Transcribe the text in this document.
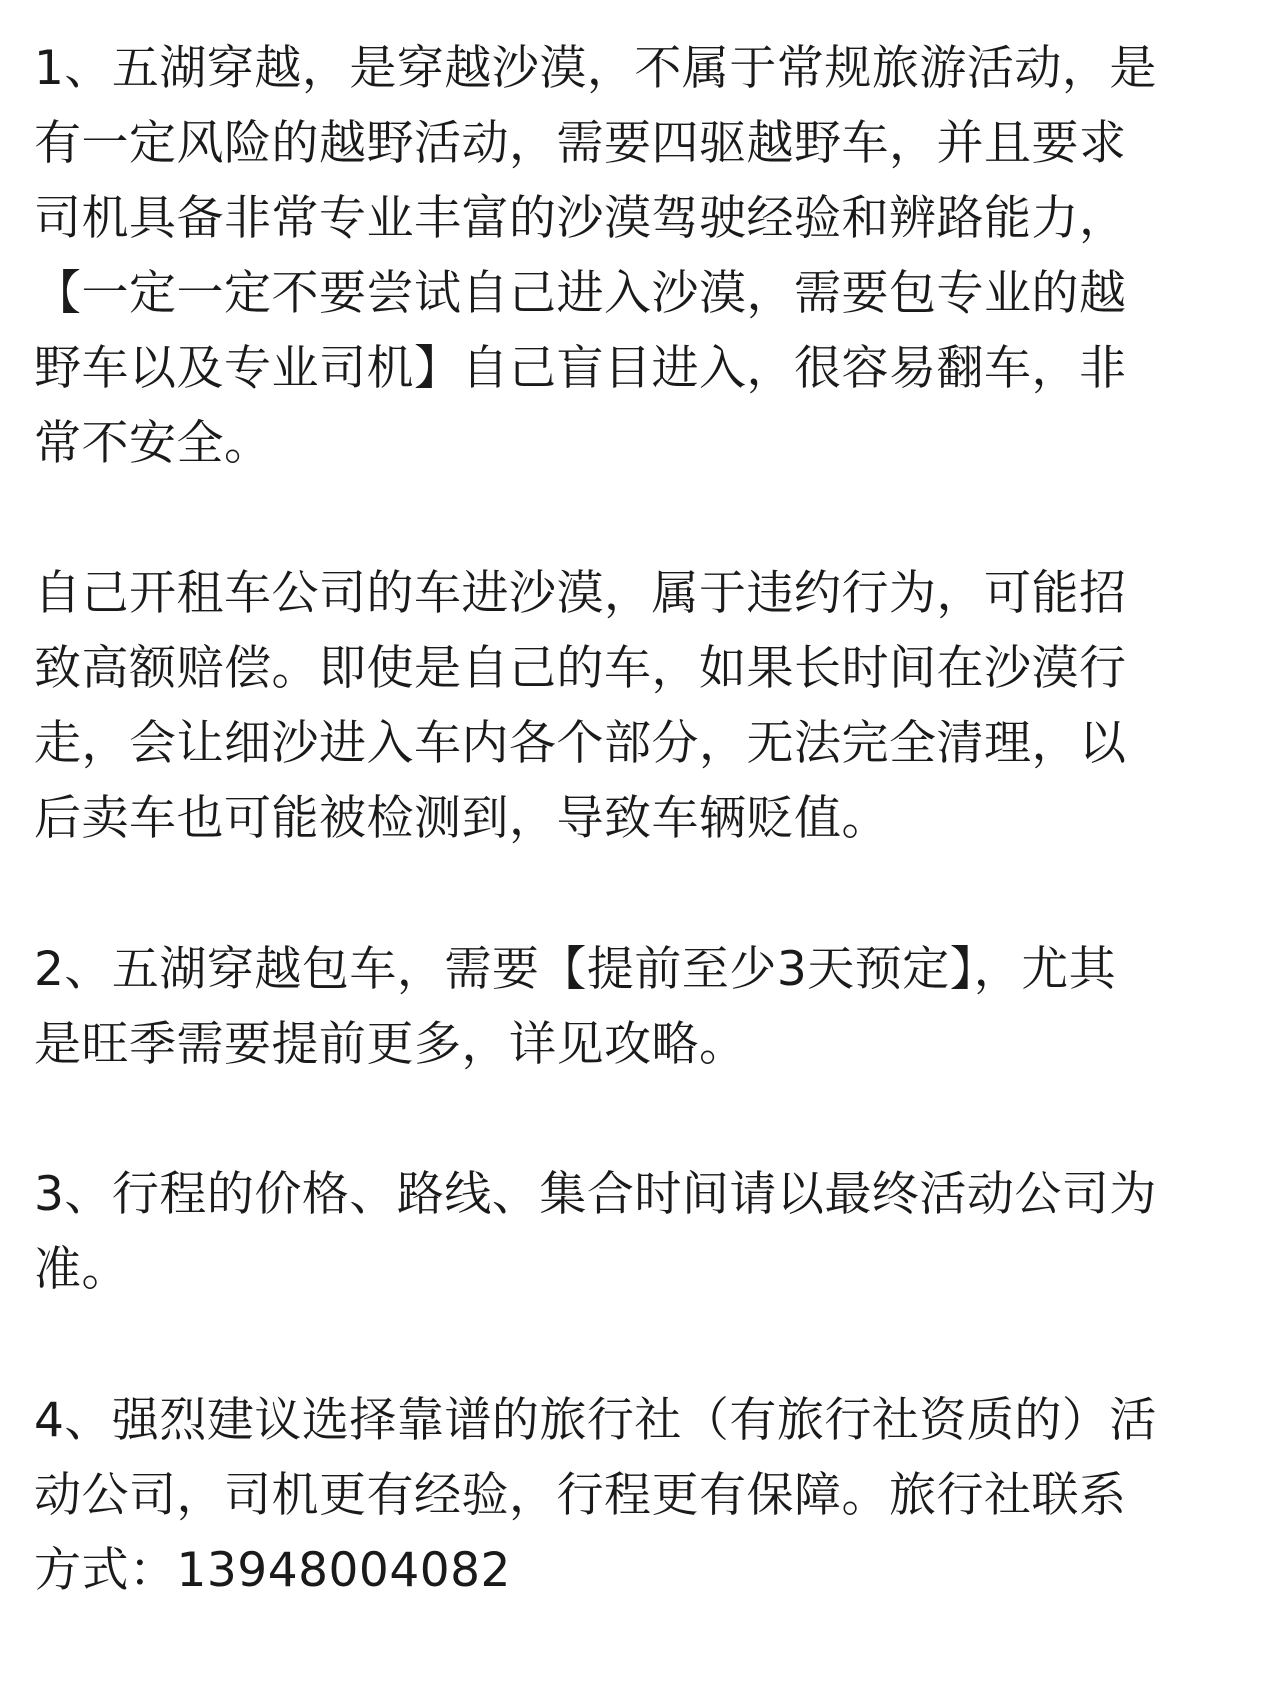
1、五湖穿越，是穿越沙漠，不属于常规旅游活动，是
有一定风险的越野活动，需要四驱越野车，并且要求
司机具备非常专业丰富的沙漠驾驶经验和辨路能力，
【一定一定不要尝试自己进入沙漠，需要包专业的越
野车以及专业司机】自己盲目进入，很容易翻车，非
常不安全。
自己开租车公司的车进沙漠，属于违约行为，可能招
致高额赔偿。即使是自己的车，如果长时间在沙漠行
走，会让细沙进入车内各个部分，无法完全清理，以
后卖车也可能被检测到，导致车辆贬值。
2、五湖穿越包车，需要【提前至少3天预定】，尤其
是旺季需要提前更多，详见攻略。
3、行程的价格、路线、集合时间请以最终活动公司为
准。
4、强烈建议选择靠谱的旅行社（有旅行社资质的）活
动公司，司机更有经验，行程更有保障。旅行社联系
方式：13948004082
